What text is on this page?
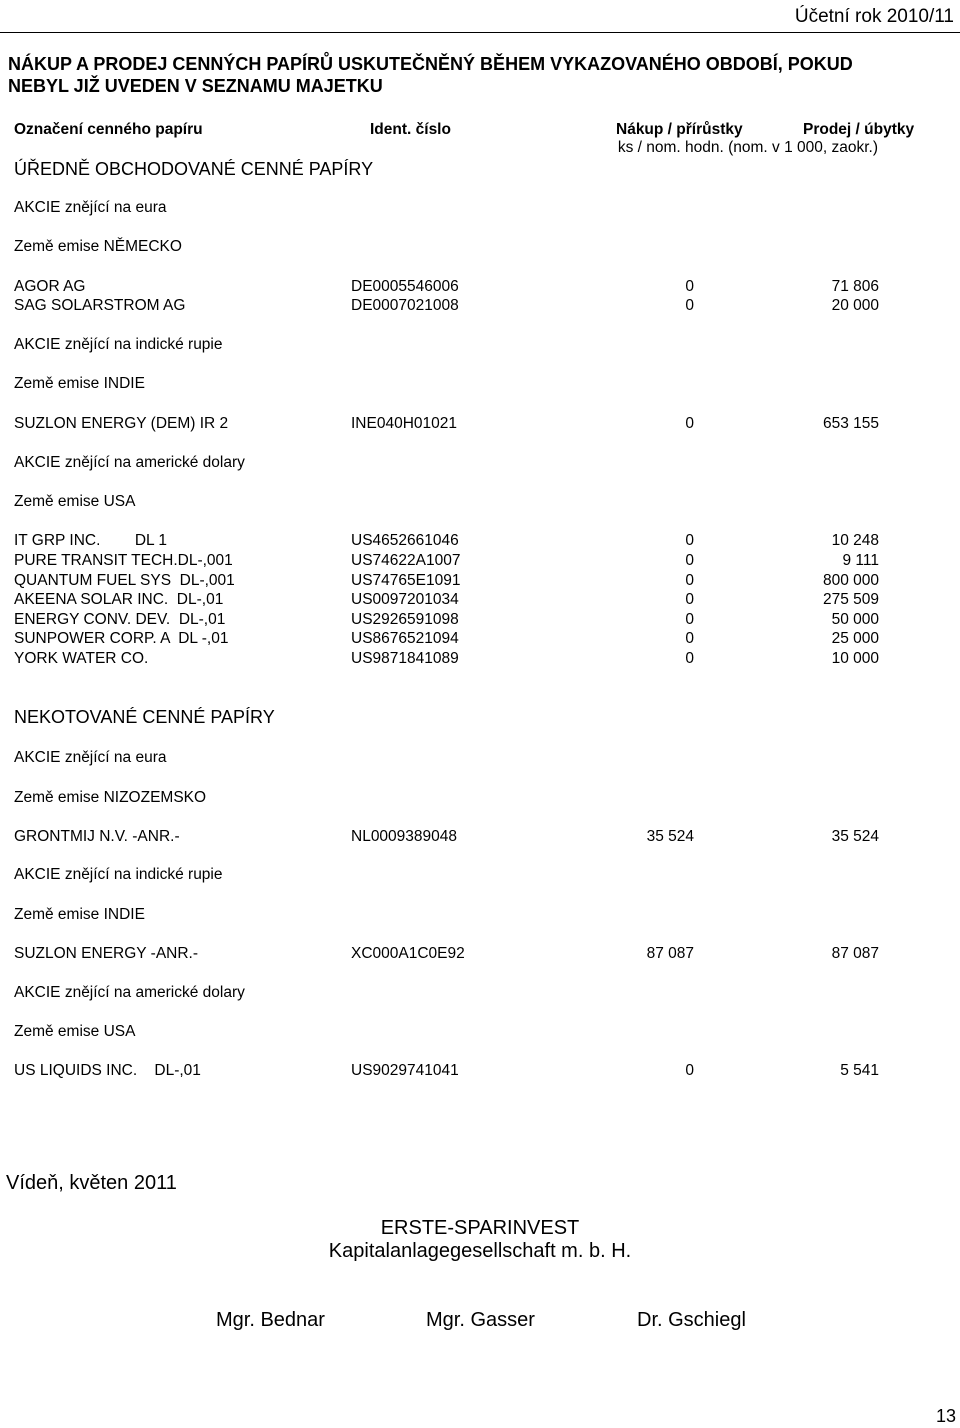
Účetní rok 2010/11
NÁKUP A PRODEJ CENNÝCH PAPÍRŮ USKUTEČNĚNÝ BĚHEM VYKAZOVANÉHO OBDOBÍ, POKUD
NEBYL JIŽ UVEDEN V SEZNAMU MAJETKU
Označení cenného papíru	Ident. číslo	Nákup / přírůstky	Prodej / úbytky
ks / nom. hodn. (nom. v 1 000, zaokr.)
ÚŘEDNĚ OBCHODOVANÉ CENNÉ PAPÍRY
AKCIE znějící na eura
Země emise NĚMECKO
AGOR AG	DE0005546006	0	71 806
SAG SOLARSTROM AG	DE0007021008	0	20 000
AKCIE znějící na indické rupie
Země emise INDIE
SUZLON ENERGY (DEM) IR 2	INE040H01021	0	653 155
AKCIE znějící na americké dolary
Země emise USA
IT GRP INC.        DL 1	US4652661046	0	10 248
PURE TRANSIT TECH.DL-,001	US74622A1007	0	9 111
QUANTUM FUEL SYS  DL-,001	US74765E1091	0	800 000
AKEENA SOLAR INC.  DL-,01	US0097201034	0	275 509
ENERGY CONV. DEV.  DL-,01	US2926591098	0	50 000
SUNPOWER CORP. A  DL -,01	US8676521094	0	25 000
YORK WATER CO.	US9871841089	0	10 000
NEKOTOVANÉ CENNÉ PAPÍRY
AKCIE znějící na eura
Země emise NIZOZEMSKO
GRONTMIJ N.V. -ANR.-	NL0009389048	35 524	35 524
AKCIE znějící na indické rupie
Země emise INDIE
SUZLON ENERGY -ANR.-	XC000A1C0E92	87 087	87 087
AKCIE znějící na americké dolary
Země emise USA
US LIQUIDS INC.    DL-,01	US9029741041	0	5 541
Vídeň, květen 2011
ERSTE-SPARINVEST
Kapitalanlagegesellschaft m. b. H.
Mgr. Bednar	Mgr. Gasser	Dr. Gschiegl
13
